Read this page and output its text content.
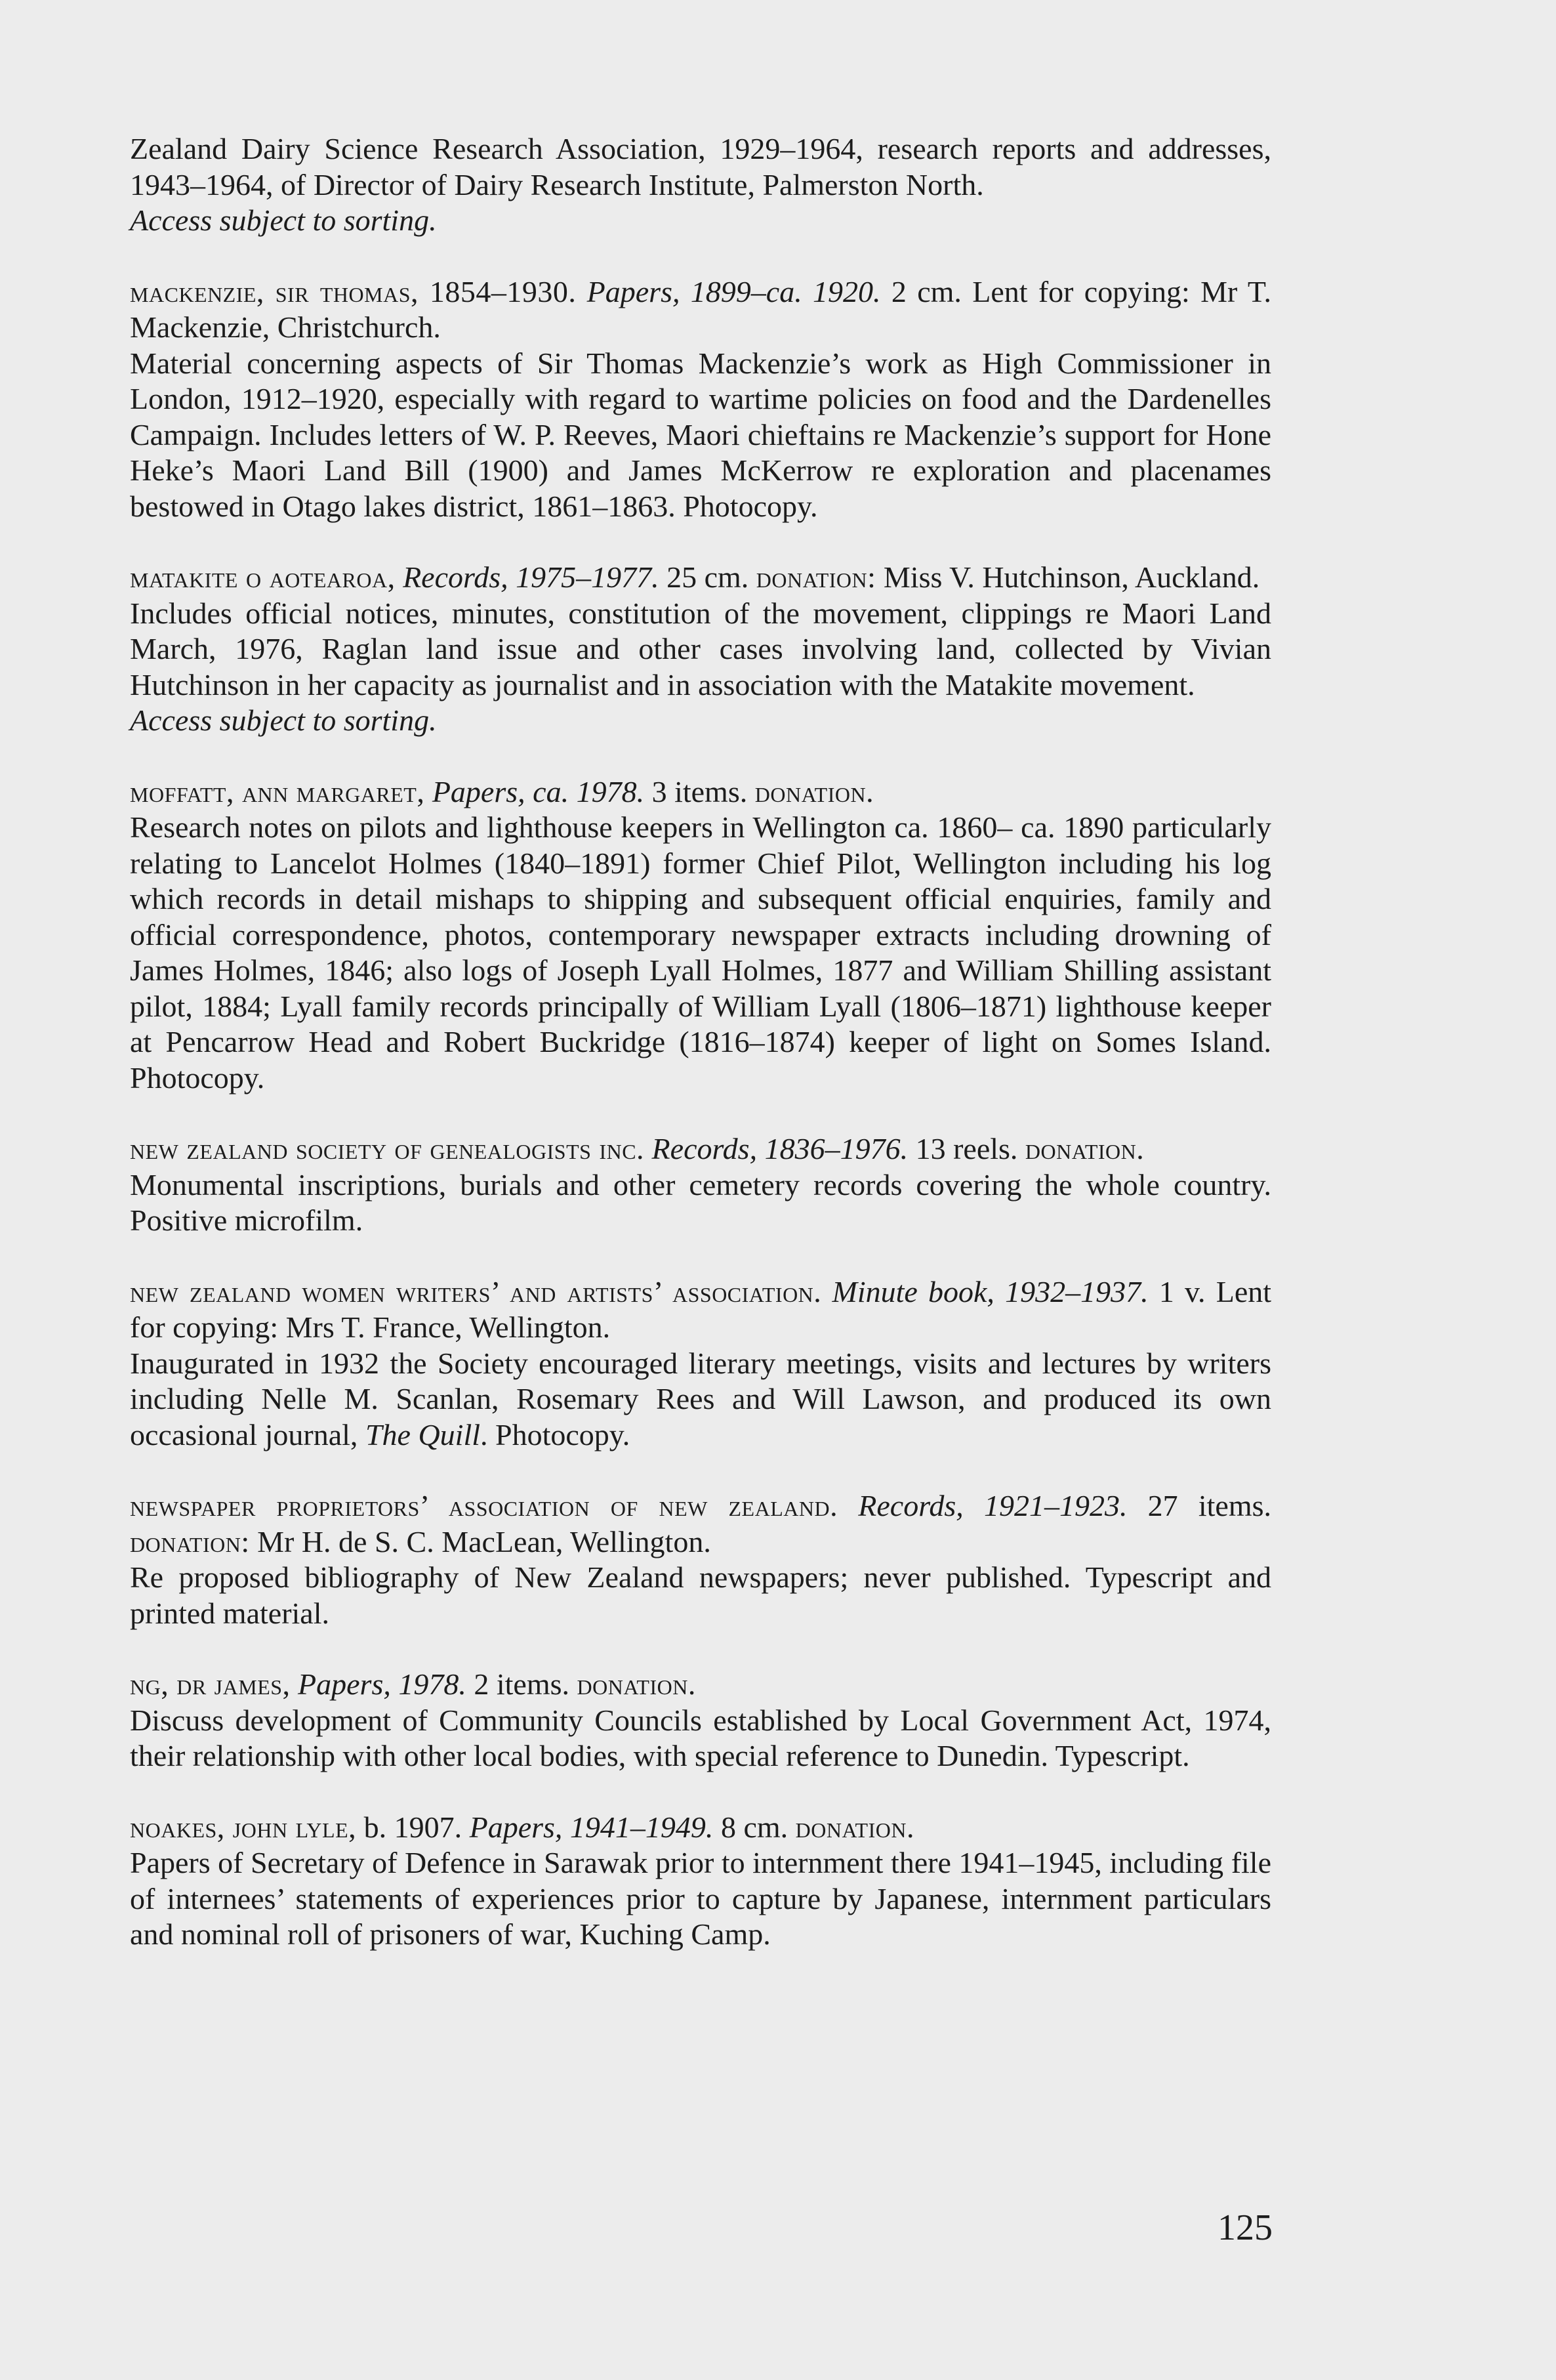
Zealand Dairy Science Research Association, 1929–1964, research reports and addresses, 1943–1964, of Director of Dairy Research Institute, Palmerston North.
Access subject to sorting.
mackenzie, sir thomas, 1854–1930. Papers, 1899–ca. 1920. 2 cm. Lent for copying: Mr T. Mackenzie, Christchurch.
Material concerning aspects of Sir Thomas Mackenzie’s work as High Commissioner in London, 1912–1920, especially with regard to wartime policies on food and the Dardenelles Campaign. Includes letters of W. P. Reeves, Maori chieftains re Mackenzie’s support for Hone Heke’s Maori Land Bill (1900) and James McKerrow re exploration and placenames bestowed in Otago lakes district, 1861–1863. Photocopy.
matakite o aotearoa, Records, 1975–1977. 25 cm. donation: Miss V. Hutchinson, Auckland.
Includes official notices, minutes, constitution of the movement, clippings re Maori Land March, 1976, Raglan land issue and other cases involving land, collected by Vivian Hutchinson in her capacity as journalist and in association with the Matakite movement.
Access subject to sorting.
moffatt, ann margaret, Papers, ca. 1978. 3 items. donation.
Research notes on pilots and lighthouse keepers in Wellington ca. 1860– ca. 1890 particularly relating to Lancelot Holmes (1840–1891) former Chief Pilot, Wellington including his log which records in detail mishaps to shipping and subsequent official enquiries, family and official correspondence, photos, contemporary newspaper extracts including drowning of James Holmes, 1846; also logs of Joseph Lyall Holmes, 1877 and William Shilling assistant pilot, 1884; Lyall family records principally of William Lyall (1806–1871) lighthouse keeper at Pencarrow Head and Robert Buckridge (1816–1874) keeper of light on Somes Island. Photocopy.
new zealand society of genealogists inc. Records, 1836–1976. 13 reels. donation.
Monumental inscriptions, burials and other cemetery records covering the whole country. Positive microfilm.
new zealand women writers’ and artists’ association. Minute book, 1932–1937. 1 v. Lent for copying: Mrs T. France, Wellington.
Inaugurated in 1932 the Society encouraged literary meetings, visits and lectures by writers including Nelle M. Scanlan, Rosemary Rees and Will Lawson, and produced its own occasional journal, The Quill. Photocopy.
newspaper proprietors’ association of new zealand. Records, 1921–1923. 27 items. donation: Mr H. de S. C. MacLean, Wellington.
Re proposed bibliography of New Zealand newspapers; never published. Typescript and printed material.
ng, dr james, Papers, 1978. 2 items. donation.
Discuss development of Community Councils established by Local Government Act, 1974, their relationship with other local bodies, with special reference to Dunedin. Typescript.
noakes, john lyle, b. 1907. Papers, 1941–1949. 8 cm. donation.
Papers of Secretary of Defence in Sarawak prior to internment there 1941–1945, including file of internees’ statements of experiences prior to capture by Japanese, internment particulars and nominal roll of prisoners of war, Kuching Camp.
125
